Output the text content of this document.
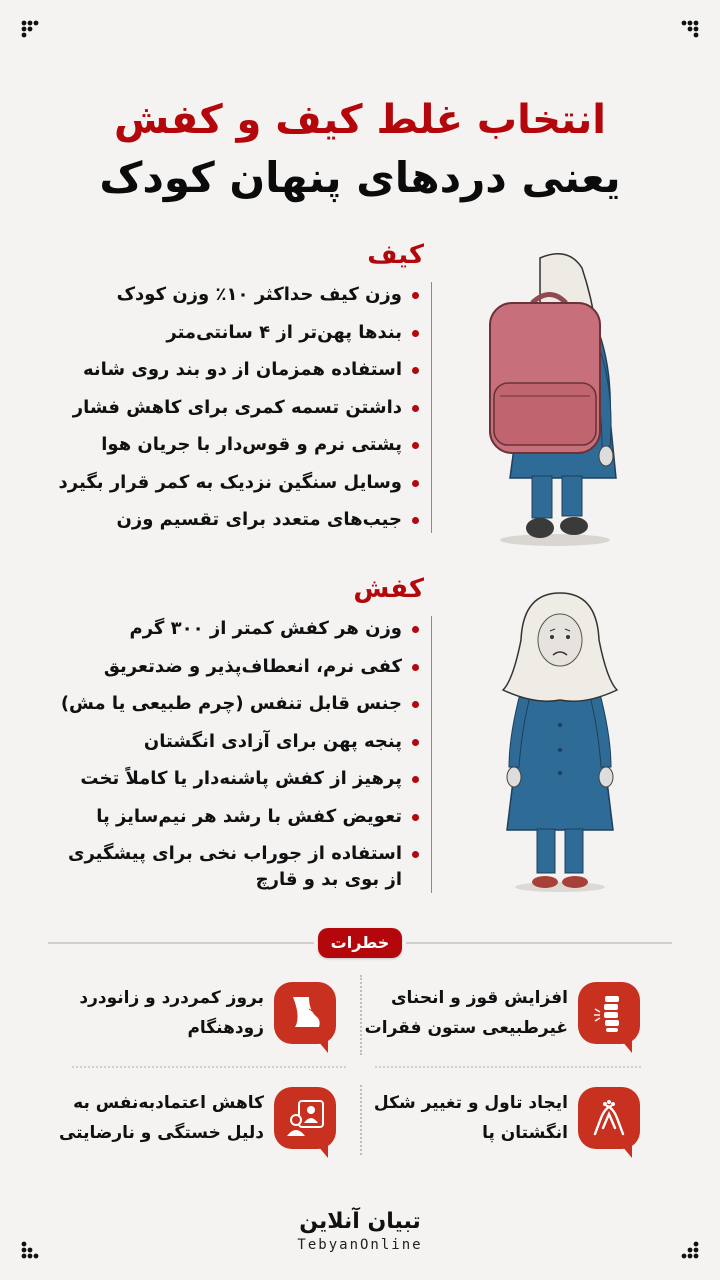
انتخاب غلط کیف و کفش
یعنی دردهای پنهان کودک
کیف
وزن کیف حداکثر ۱۰٪ وزن کودک
بندها پهن‌تر از ۴ سانتی‌متر
استفاده همزمان از دو بند روی شانه
داشتن تسمه کمری برای کاهش فشار
پشتی نرم و قوس‌دار با جریان هوا
وسایل سنگین نزدیک به کمر قرار بگیرد
جیب‌های متعدد برای تقسیم وزن
کفش
وزن هر کفش کمتر از ۳۰۰ گرم
کفی نرم، انعطاف‌پذیر و ضدتعریق
جنس قابل تنفس (چرم طبیعی یا مش)
پنجه پهن برای آزادی انگشتان
پرهیز از کفش پاشنه‌دار یا کاملاً تخت
تعویض کفش با رشد هر نیم‌سایز پا
استفاده از جوراب نخی برای پیشگیری از بوی بد و قارچ
خطرات
افزایش قوز و انحنای
غیرطبیعی ستون فقرات
بروز کمردرد و زانودرد
زودهنگام
ایجاد تاول و تغییر شکل
انگشتان پا
کاهش اعتماد‌به‌نفس به
دلیل خستگی و نارضایتی
تبیان آنلاین
TebyanOnline
